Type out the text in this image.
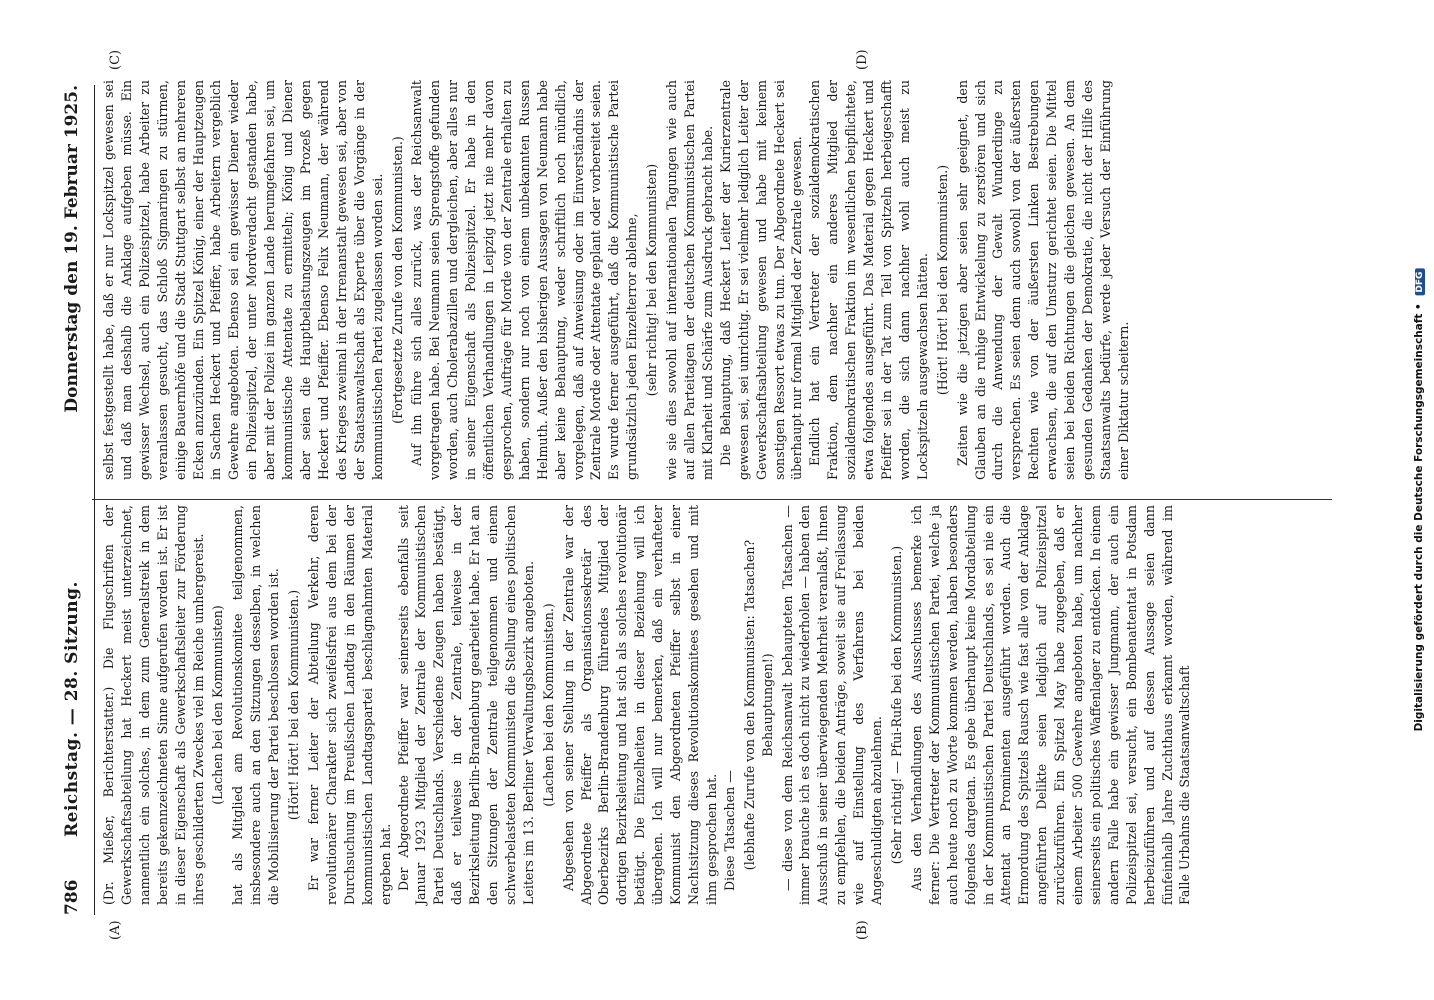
786
Reichstag. — 28. Sitzung.
Donnerstag den 19. Februar 1925.
(A)	(B)
(C)	(D)

(Dr. Mießer, Berichterstatter.) Die Flugschriften der Gewerkschaftsabteilung hat Heckert meist unterzeichnet, namentlich ein solches, in dem zum Generalstreik in dem bereits gekennzeichneten Sinne aufgerufen worden ist. Er ist in dieser Eigenschaft als Gewerkschaftsleiter zur Förderung ihres geschilderten Zweckes viel im Reiche umhergereist. (Lachen bei den Kommunisten) hat als Mitglied am Revolutionskomitee teilgenommen, insbesondere auch an den Sitzungen desselben, in welchen die Mobilisierung der Partei beschlossen worden ist. (Hört! Hört! bei den Kommunisten.) Er war ferner Leiter der Abteilung Verkehr, deren revolutionärer Charakter sich zweifelsfrei aus dem bei der Durchsuchung im Preußischen Landtag in den Räumen der kommunistischen Landtagspartei beschlagnahmten Material ergeben hat. Der Abgeordnete Pfeiffer war seinerseits ebenfalls seit Januar 1923 Mitglied der Zentrale der Kommunistischen Partei Deutschlands. Verschiedene Zeugen haben bestätigt, daß er teilweise in der Zentrale, teilweise in der Bezirksleitung Berlin-Brandenburg gearbeitet habe. Er hat an den Sitzungen der Zentrale teilgenommen und einem schwerbelasteten Kommunisten die Stellung eines politischen Leiters im 13. Berliner Verwaltungsbezirk angeboten. (Lachen bei den Kommunisten.) Abgesehen von seiner Stellung in der Zentrale war der Abgeordnete Pfeiffer als Organisationssekretär des Oberbezirks Berlin-Brandenburg führendes Mitglied der dortigen Bezirksleitung und hat sich als solches revolutionär betätigt. Die Einzelheiten in dieser Beziehung will ich übergehen. Ich will nur bemerken, daß ein verhafteter Kommunist den Abgeordneten Pfeiffer selbst in einer Nachtsitzung dieses Revolutionskomitees gesehen und mit ihm gesprochen hat. Diese Tatsachen — (lebhafte Zurufe von den Kommunisten: Tatsachen? Behauptungen!) — diese von dem Reichsanwalt behaupteten Tatsachen — immer brauche ich es doch nicht zu wiederholen — haben den Ausschuß in seiner überwiegenden Mehrheit veranlaßt, Ihnen zu empfehlen, die beiden Anträge, soweit sie auf Freilassung wie auf Einstellung des Verfahrens bei beiden Angeschuldigten abzulehnen. (Sehr richtig! — Pfui-Rufe bei den Kommunisten.) Aus den Verhandlungen des Ausschusses bemerke ich ferner: Die Vertreter der Kommunistischen Partei, welche ja auch heute noch zu Worte kommen werden, haben besonders folgendes dargetan. Es gebe überhaupt keine Mordabteilung in der Kommunistischen Partei Deutschlands, es sei nie ein Attentat an Prominenten ausgeführt worden. Auch die Ermordung des Spitzels Rausch wie fast alle von der Anklage angeführten Delikte seien lediglich auf Polizeispitzel zurückzuführen. Ein Spitzel May habe zugegeben, daß er einem Arbeiter 500 Gewehre angeboten habe, um nachher seinerseits ein politisches Waffenlager zu entdecken. In einem andern Falle habe ein gewisser Jungmann, der auch ein Polizeispitzel sei, versucht, ein Bombenattentat in Potsdam herbeizuführen und auf dessen Aussage seien dann fünfeinhalb Jahre Zuchthaus erkannt worden, während im Falle Urbahns die Staatsanwaltschaft

selbst festgestellt habe, daß er nur Lockspitzel gewesen sei und daß man deshalb die Anklage aufgeben müsse. Ein gewisser Wechsel, auch ein Polizeispitzel, habe Arbeiter zu veranlassen gesucht, das Schloß Sigmaringen zu stürmen, einige Bauernhöfe und die Stadt Stuttgart selbst an mehreren Ecken anzuzünden. Ein Spitzel König, einer der Hauptzeugen in Sachen Heckert und Pfeiffer, habe Arbeitern vergeblich Gewehre angeboten. Ebenso sei ein gewisser Diener wieder ein Polizeispitzel, der unter Mordverdacht gestanden habe, aber mit der Polizei im ganzen Lande herumgefahren sei, um kommunistische Attentate zu ermitteln; König und Diener aber seien die Hauptbelastungszeugen im Prozeß gegen Heckert und Pfeiffer. Ebenso Felix Neumann, der während des Krieges zweimal in der Irrenanstalt gewesen sei, aber von der Staatsanwaltschaft als Experte über die Vorgänge in der kommunistischen Partei zugelassen worden sei. (Fortgesetzte Zurufe von den Kommunisten.) Auf ihn führe sich alles zurück, was der Reichsanwalt vorgetragen habe. Bei Neumann seien Sprengstoffe gefunden worden, auch Cholerabazillen und dergleichen, aber alles nur in seiner Eigenschaft als Polizeispitzel. Er habe in den öffentlichen Verhandlungen in Leipzig jetzt nie mehr davon gesprochen, Aufträge für Morde von der Zentrale erhalten zu haben, sondern nur noch von einem unbekannten Russen Helmuth. Außer den bisherigen Aussagen von Neumann habe aber keine Behauptung, weder schriftlich noch mündlich, vorgelegen, daß auf Anweisung oder im Einverständnis der Zentrale Morde oder Attentate geplant oder vorbereitet seien. Es wurde ferner ausgeführt, daß die Kommunistische Partei grundsätzlich jeden Einzelterror ablehne, (sehr richtig! bei den Kommunisten) wie sie dies sowohl auf internationalen Tagungen wie auch auf allen Parteitagen der deutschen Kommunistischen Partei mit Klarheit und Schärfe zum Ausdruck gebracht habe. Die Behauptung, daß Heckert Leiter der Kurierzentrale gewesen sei, sei unrichtig. Er sei vielmehr lediglich Leiter der Gewerkschaftsabteilung gewesen und habe mit keinem sonstigen Ressort etwas zu tun. Der Abgeordnete Heckert sei überhaupt nur formal Mitglied der Zentrale gewesen. Endlich hat ein Vertreter der sozialdemokratischen Fraktion, dem nachher ein anderes Mitglied der sozialdemokratischen Fraktion im wesentlichen beipflichtete, etwa folgendes ausgeführt. Das Material gegen Heckert und Pfeiffer sei in der Tat zum Teil von Spitzeln herbeigeschafft worden, die sich dann nachher wohl auch meist zu Lockspitzeln ausgewachsen hätten. (Hört! Hört! bei den Kommunisten.) Zeiten wie die jetzigen aber seien sehr geeignet, den Glauben an die ruhige Entwickelung zu zerstören und sich durch die Anwendung der Gewalt Wunderdinge zu versprechen. Es seien denn auch sowohl von der äußersten Rechten wie von der äußersten Linken Bestrebungen erwachsen, die auf den Umsturz gerichtet seien. Die Mittel seien bei beiden Richtungen die gleichen gewesen. An dem gesunden Gedanken der Demokratie, die nicht der Hilfe des Staatsanwalts bedürfe, werde jeder Versuch der Einführung einer Diktatur scheitern.	Digitalisierung gefördert durch die Deutsche Forschungsgemeinschaft • DFG
